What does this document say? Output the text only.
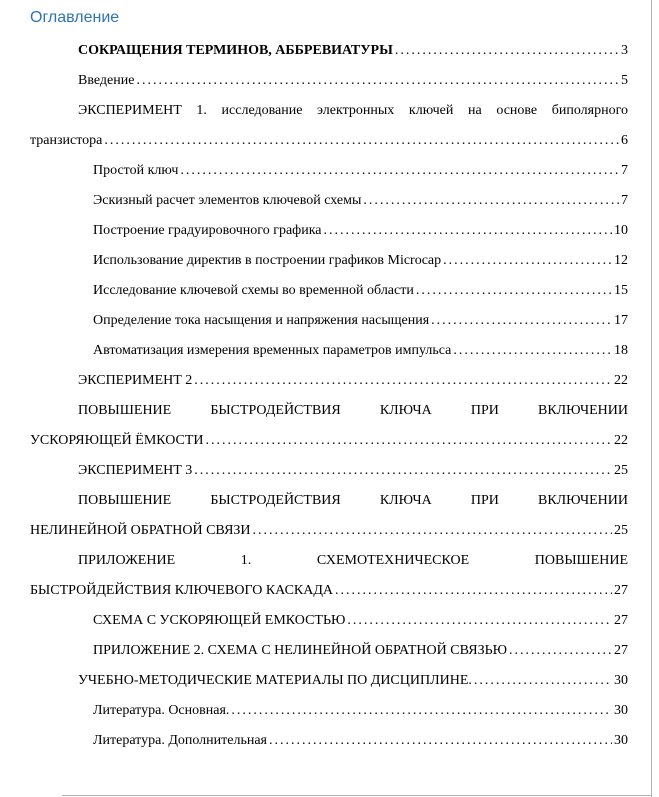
Оглавление
СОКРАЩЕНИЯ ТЕРМИНОВ, АББРЕВИАТУРЫ .....	3
Введение .....	5
ЭКСПЕРИМЕНТ 1. исследование электронных ключей на основе биполярного
транзистора .....	6
Простой ключ .....	7
Эскизный расчет элементов ключевой схемы .....	7
Построение градуировочного графика .....	10
Использование директив в построении графиков Microcap .....	12
Исследование ключевой схемы во временной области .....	15
Определение тока насыщения и напряжения насыщения .....	17
Автоматизация измерения временных параметров импульса .....	18
ЭКСПЕРИМЕНТ 2 .....	22
ПОВЫШЕНИЕ БЫСТРОДЕЙСТВИЯ КЛЮЧА ПРИ ВКЛЮЧЕНИИ
УСКОРЯЮЩЕЙ ЁМКОСТИ .....	22
ЭКСПЕРИМЕНТ 3 .....	25
ПОВЫШЕНИЕ БЫСТРОДЕЙСТВИЯ КЛЮЧА ПРИ ВКЛЮЧЕНИИ
НЕЛИНЕЙНОЙ ОБРАТНОЙ СВЯЗИ .....	25
ПРИЛОЖЕНИЕ 1. СХЕМОТЕХНИЧЕСКОЕ ПОВЫШЕНИЕ
БЫСТРОЙДЕЙСТВИЯ КЛЮЧЕВОГО КАСКАДА .....	27
СХЕМА С УСКОРЯЮЩЕЙ ЕМКОСТЬЮ .....	27
ПРИЛОЖЕНИЕ 2. СХЕМА С НЕЛИНЕЙНОЙ ОБРАТНОЙ СВЯЗЬЮ .....	27
УЧЕБНО-МЕТОДИЧЕСКИЕ МАТЕРИАЛЫ ПО ДИСЦИПЛИНЕ. .....	30
Литература. Основная. .....	30
Литература. Дополнительная .....	30
